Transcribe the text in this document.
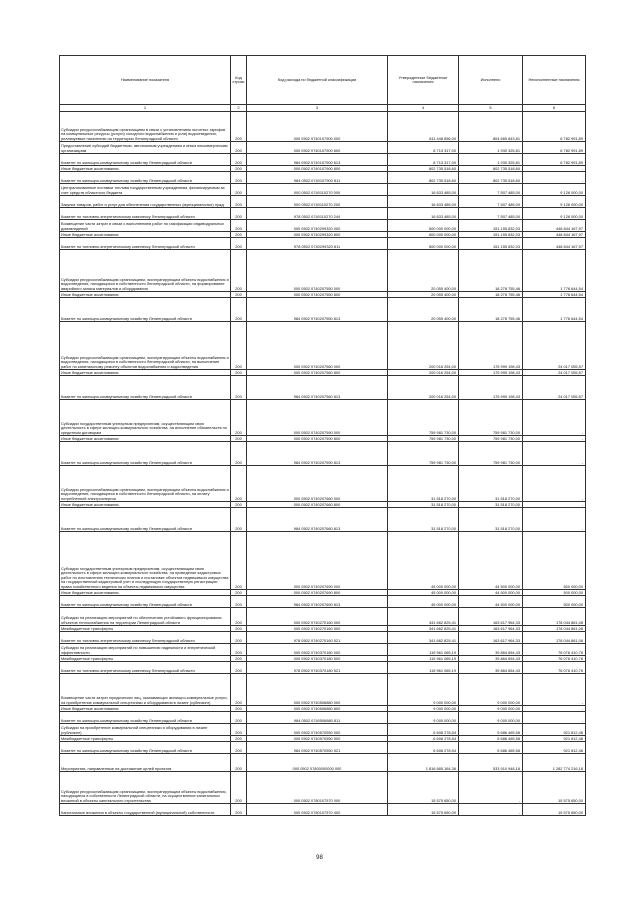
Наименование показателя	Код строки	Код расхода по бюджетной классификации	Утвержденные бюджетные назначения	Исполнено	Неисполненные назначения
1	2	3	4	5	6
Субсидии ресурсоснабжающим организациям в связи с установлением льготных тарифов на коммунальные ресурсы (услуги) холодного водоснабжения и (или) водоотведения, реализуемые населению на территории Ленинградской области	200	000 0502 0740107900 000	811 448 856,00	804 665 843,81	6 782 991,89
Предоставление субсидий бюджетным, автономным учреждениям и иным некоммерческим организациям	200	000 0502 0740107900 600	8 713 317,00	1 930 325,81	6 782 991,89
Комитет по жилищно-коммунальному хозяйству Ленинградской области	200	984 0502 0740107900 613	8 713 317,00	1 930 325,81	6 782 991,89
Иные бюджетные ассигнования	200	000 0502 0740107900 800	802 735 518,60	802 735 518,60	-
Комитет по жилищно-коммунальному хозяйству Ленинградской области	200	984 0502 0740107900 811	802 735 518,60	802 735 518,60	-
Централизованные поставки топлива государственным учреждениям, финансируемым за счет средств областного бюджета	200	000 0502 0740110270 000	16 633 485,00	7 507 485,00	9 126 000,00
Закупка товаров, работ и услуг для обеспечения государственных (муниципальных) нужд	200	000 0502 0740110270 200	16 633 485,00	7 507 485,00	9 126 000,00
Комитет по топливно-энергетическому комплексу Ленинградской области	200	978 0502 0740110270 244	16 633 485,00	7 507 485,00	9 126 000,00
Возмещение части затрат в связи с выполнением работ по газификации индивидуальных домовладений	200	000 0502 0740299320 000	600 000 000,00	151 155 832,03	448 844 167,97
Иные бюджетные ассигнования	200	000 0502 0740299320 800	600 000 000,00	151 155 832,03	448 844 167,97
Комитет по топливно-энергетическому комплексу Ленинградской области	200	978 0502 0740299320 811	600 000 000,00	151 155 832,03	448 844 167,97
Субсидии ресурсоснабжающим организациям, эксплуатирующим объекты водоснабжения и водоотведения, находящиеся в собственности Ленинградской области, на формирование аварийного запаса материалов и оборудования	200	000 0502 0740207550 000	20 055 400,00	18 278 755,46	1 776 644,54
Иные бюджетные ассигнования	200	000 0502 0740207550 800	20 055 400,00	18 278 755,46	1 776 644,54
Комитет по жилищно-коммунальному хозяйству Ленинградской области	200	984 0502 0740207550 813	20 055 400,00	18 278 755,46	1 776 644,54
Субсидии ресурсоснабжающим организациям, эксплуатирующим объекты водоснабжения и водоотведения, находящиеся в собственности Ленинградской области, на выполнение работ по капитальному ремонту объектов водоснабжения и водоотведения	200	000 0502 0740207560 000	200 016 254,00	175 999 198,43	24 017 055,57
Иные бюджетные ассигнования	200	000 0502 0740207560 800	200 016 254,00	175 999 198,43	24 017 055,57
Комитет по жилищно-коммунальному хозяйству Ленинградской области	200	984 0502 0740207560 813	200 016 254,00	175 999 198,43	24 017 055,57
Субсидии государственным унитарным предприятиям, осуществляющим свою деятельность в сфере жилищно-коммунального хозяйства, на исполнение обязательств по кредитным договорам	200	000 0502 0740207590 000	759 981 730,00	759 981 730,00	-
Иные бюджетные ассигнования	200	000 0502 0740207590 800	759 981 730,00	759 981 730,00	-
Комитет по жилищно-коммунальному хозяйству Ленинградской области	200	984 0502 0740207590 813	759 981 730,00	759 981 730,00	-
Субсидии ресурсоснабжающим организациям, эксплуатирующим объекты водоснабжения и водоотведения, находящиеся в собственности Ленинградской области, на оплату потребленной электроэнергии	200	000 0502 0740207660 000	31 518 270,00	31 518 270,00	-
Иные бюджетные ассигнования	200	000 0502 0740207660 800	31 518 270,00	31 518 270,00	-
Комитет по жилищно-коммунальному хозяйству Ленинградской области	200	984 0502 0740207660 813	31 518 270,00	31 518 270,00	-
Субсидии государственным унитарным предприятиям, осуществляющим свою деятельность в сфере жилищно-коммунального хозяйства, на проведение кадастровых работ по изготовлению технических планов и постановке объектов недвижимого имущества на государственный кадастровый учет и последующую государственную регистрацию права хозяйственного ведения на объекты недвижимого имущества	200	000 0502 0740207690 000	45 000 000,00	44 500 000,00	500 000,00
Иные бюджетные ассигнования	200	000 0502 0740207690 800	45 000 000,00	44 500 000,00	500 000,00
Комитет по жилищно-коммунальному хозяйству Ленинградской области	200	984 0502 0740207690 813	45 000 000,00	44 500 000,00	500 000,00
Субсидии на реализацию мероприятий по обеспечению устойчивого функционирования объектов теплоснабжения на территории Ленинградской области	200	000 0502 0740270160 000	341 662 825,41	163 617 964,33	178 044 861,08
Межбюджетные трансферты	200	000 0502 0740270160 500	341 662 825,41	163 617 964,33	178 044 861,08
Комитет по топливно-энергетическому комплексу Ленинградской области	200	978 0502 0740270160 521	341 662 825,41	163 617 964,33	178 044 861,08
Субсидии на реализацию мероприятий по повышению надежности и энергетической эффективности	200	000 0502 0740370180 000	115 961 065,19	39 884 654,43	76 076 410,76
Межбюджетные трансферты	200	000 0502 0740370180 500	115 961 065,19	39 884 654,43	76 076 410,76
Комитет по топливно-энергетическому комплексу Ленинградской области	200	978 0502 0740370180 521	115 961 065,19	39 884 654,43	76 076 410,76
Возмещение части затрат юридических лиц, оказывающих жилищно-коммунальные услуги, на приобретение коммунальной спецтехники и оборудования в лизинг (сублизинг)	200	000 0502 0740506880 000	9 000 000,00	9 000 000,00	-
Иные бюджетные ассигнования	200	000 0502 0740506880 800	9 000 000,00	9 000 000,00	-
Комитет по жилищно-коммунальному хозяйству Ленинградской области	200	984 0502 0740506880 811	9 000 000,00	9 000 000,00	-
Субсидии на приобретение коммунальной спецтехники и оборудования в лизинг (сублизинг)	200	000 0502 0740570550 000	6 608 278,54	5 686 465,58	921 812,46
Межбюджетные трансферты	200	000 0502 0740570550 500	6 608 278,54	5 686 465,58	921 812,46
Комитет по жилищно-коммунальному хозяйству Ленинградской области	200	984 0502 0740570550 521	6 608 278,54	5 686 465,58	921 812,46
Мероприятия, направленные на достижение целей проектов	200	000 0502 07800000000 000	1 816 685 164,36	533 910 948,18	1 282 774 216,18
Субсидии ресурсоснабжающим организациям, эксплуатирующим объекты водоснабжения, находящиеся в собственности Ленинградской области, на осуществление капитальных вложений в объекты капитального строительства	200	000 0502 0780107570 000	15 575 650,00	-	15 575 650,00
Капитальные вложения в объекты государственной (муниципальной) собственности	200	000 0502 0780107570 400	15 575 650,00	-	15 575 650,00
98
